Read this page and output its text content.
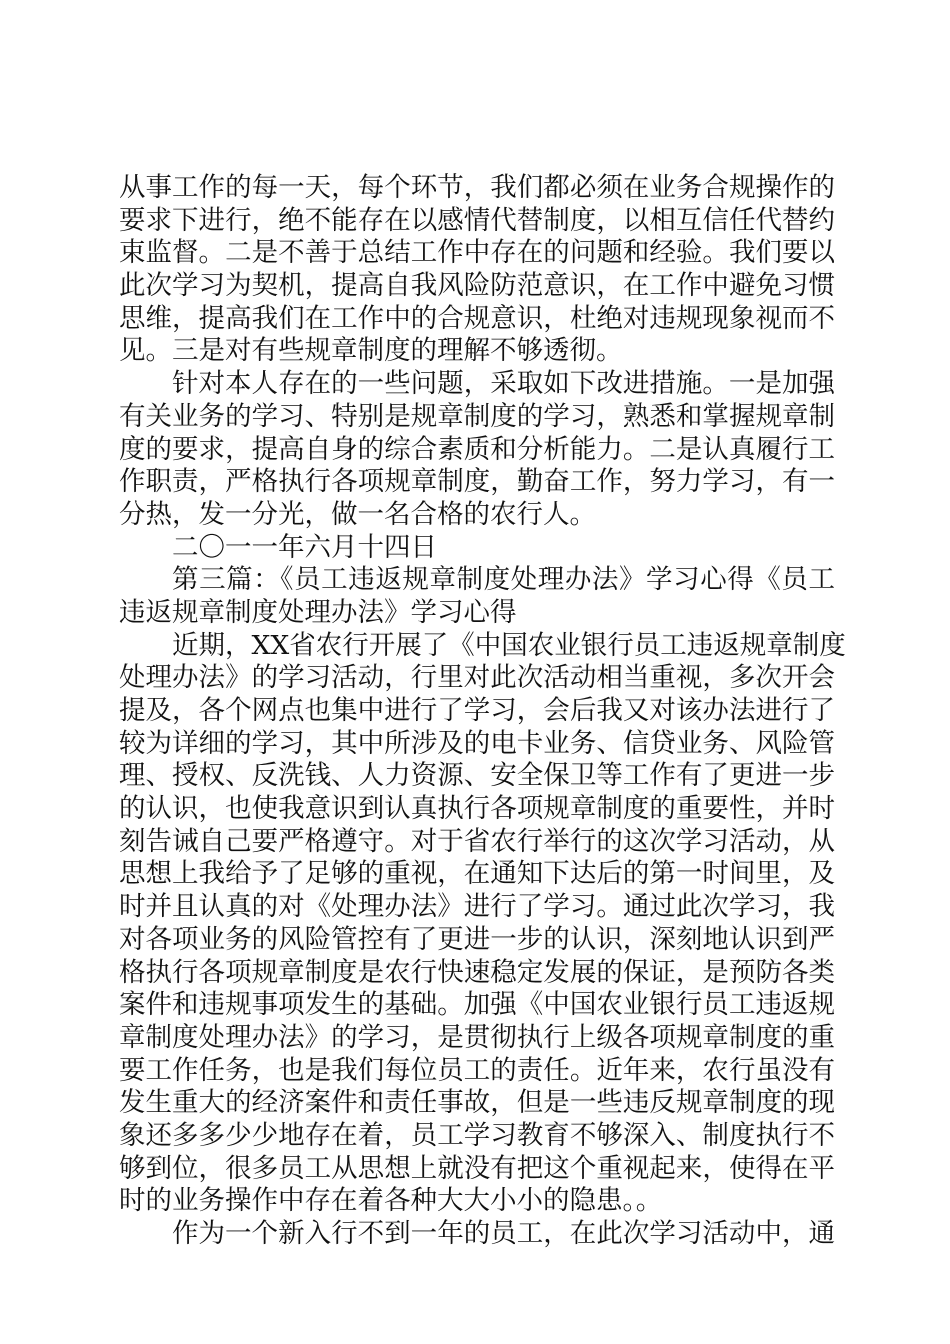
从事工作的每一天，每个环节，我们都必须在业务合规操作的
要求下进行，绝不能存在以感情代替制度，以相互信任代替约
束监督。二是不善于总结工作中存在的问题和经验。我们要以
此次学习为契机，提高自我风险防范意识，在工作中避免习惯
思维，提高我们在工作中的合规意识，杜绝对违规现象视而不
见。三是对有些规章制度的理解不够透彻。
针对本人存在的一些问题，采取如下改进措施。一是加强
有关业务的学习、特别是规章制度的学习，熟悉和掌握规章制
度的要求，提高自身的综合素质和分析能力。二是认真履行工
作职责，严格执行各项规章制度，勤奋工作，努力学习，有一
分热，发一分光，做一名合格的农行人。
二〇一一年六月十四日
第三篇：《员工违返规章制度处理办法》学习心得《员工
违返规章制度处理办法》学习心得
近期，XX省农行开展了《中国农业银行员工违返规章制度
处理办法》的学习活动，行里对此次活动相当重视，多次开会
提及，各个网点也集中进行了学习，会后我又对该办法进行了
较为详细的学习，其中所涉及的电卡业务、信贷业务、风险管
理、授权、反洗钱、人力资源、安全保卫等工作有了更进一步
的认识，也使我意识到认真执行各项规章制度的重要性，并时
刻告诫自己要严格遵守。对于省农行举行的这次学习活动，从
思想上我给予了足够的重视，在通知下达后的第一时间里，及
时并且认真的对《处理办法》进行了学习。通过此次学习，我
对各项业务的风险管控有了更进一步的认识，深刻地认识到严
格执行各项规章制度是农行快速稳定发展的保证，是预防各类
案件和违规事项发生的基础。加强《中国农业银行员工违返规
章制度处理办法》的学习，是贯彻执行上级各项规章制度的重
要工作任务，也是我们每位员工的责任。近年来，农行虽没有
发生重大的经济案件和责任事故，但是一些违反规章制度的现
象还多多少少地存在着，员工学习教育不够深入、制度执行不
够到位，很多员工从思想上就没有把这个重视起来，使得在平
时的业务操作中存在着各种大大小小的隐患。。
作为一个新入行不到一年的员工，在此次学习活动中，通
